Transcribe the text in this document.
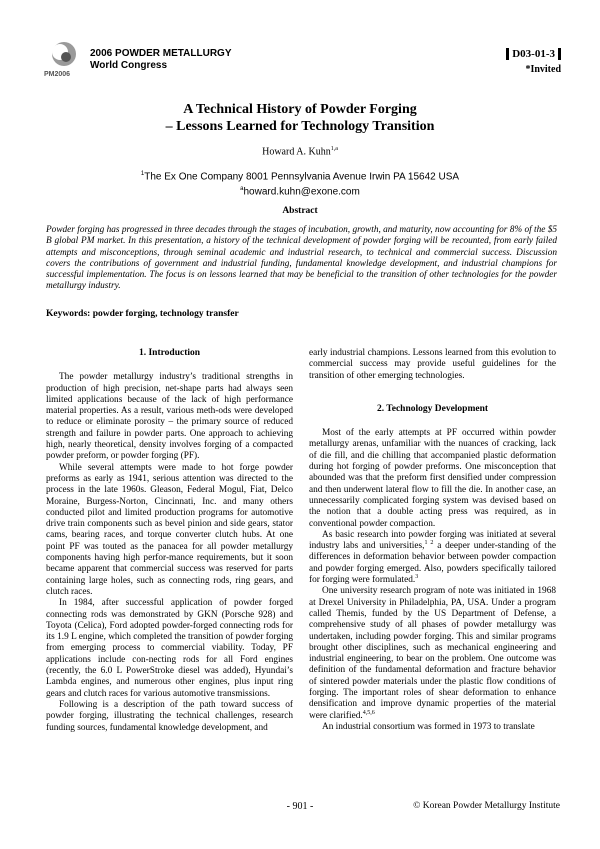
PM2006
2006 POWDER METALLURGY
World Congress
D03-01-3
*Invited
A Technical History of Powder Forging
– Lessons Learned for Technology Transition
Howard A. Kuhn$^{1,a}$
$^1$The Ex One Company 8001 Pennsylvania Avenue Irwin PA 15642 USA
$^a$howard.kuhn@exone.com
Abstract
Powder forging has progressed in three decades through the stages of incubation, growth, and maturity, now accounting for 8% of the $5 B global PM market. In this presentation, a history of the technical development of powder forging will be recounted, from early failed attempts and misconceptions, through seminal academic and industrial research, to technical and commercial success. Discussion covers the contributions of government and industrial funding, fundamental knowledge development, and industrial champions for successful implementation. The focus is on lessons learned that may be beneficial to the transition of other technologies for the powder metallurgy industry.
Keywords: powder forging, technology transfer
1. Introduction

The powder metallurgy industry’s traditional strengths in production of high precision, net-shape parts had always seen limited applications because of the lack of high performance material properties. As a result, various meth-ods were developed to reduce or eliminate porosity – the primary source of reduced strength and failure in powder parts. One approach to achieving high, nearly theoretical, density involves forging of a compacted powder preform, or powder forging (PF).

While several attempts were made to hot forge powder preforms as early as 1941, serious attention was directed to the process in the late 1960s. Gleason, Federal Mogul, Fiat, Delco Moraine, Burgess-Norton, Cincinnati, Inc. and many others conducted pilot and limited production programs for automotive drive train components such as bevel pinion and side gears, stator cams, bearing races, and torque converter clutch hubs. At one point PF was touted as the panacea for all powder metallurgy components having high perfor-mance requirements, but it soon became apparent that commercial success was reserved for parts containing large holes, such as connecting rods, ring gears, and clutch races.

In 1984, after successful application of powder forged connecting rods was demonstrated by GKN (Porsche 928) and Toyota (Celica), Ford adopted powder-forged connecting rods for its 1.9 L engine, which completed the transition of powder forging from emerging process to commercial viability. Today, PF applications include con-necting rods for all Ford engines (recently, the 6.0 L PowerStroke diesel was added), Hyundai’s Lambda engines, and numerous other engines, plus input ring gears and clutch races for various automotive transmissions.

Following is a description of the path toward success of powder forging, illustrating the technical challenges, research funding sources, fundamental knowledge development, and

early industrial champions. Lessons learned from this evolution to commercial success may provide useful guidelines for the transition of other emerging technologies.

2. Technology Development

Most of the early attempts at PF occurred within powder metallurgy arenas, unfamiliar with the nuances of cracking, lack of die fill, and die chilling that accompanied plastic deformation during hot forging of powder preforms. One misconception that abounded was that the preform first densified under compression and then underwent lateral flow to fill the die. In another case, an unnecessarily complicated forging system was devised based on the notion that a double acting press was required, as in conventional powder compaction.

As basic research into powder forging was initiated at several industry labs and universities,$^{1 2}$ a deeper under-standing of the differences in deformation behavior between powder compaction and powder forging emerged. Also, powders specifically tailored for forging were formulated.$^3$

One university research program of note was initiated in 1968 at Drexel University in Philadelphia, PA, USA. Under a program called Themis, funded by the US Department of Defense, a comprehensive study of all phases of powder metallurgy was undertaken, including powder forging. This and similar programs brought other disciplines, such as mechanical engineering and industrial engineering, to bear on the problem. One outcome was definition of the fundamental deformation and fracture behavior of sintered powder materials under the plastic flow conditions of forging. The important roles of shear deformation to enhance densification and improve dynamic properties of the material were clarified.$^{4,5,6}$

An industrial consortium was formed in 1973 to translate

- 901 -	© Korean Powder Metallurgy Institute
